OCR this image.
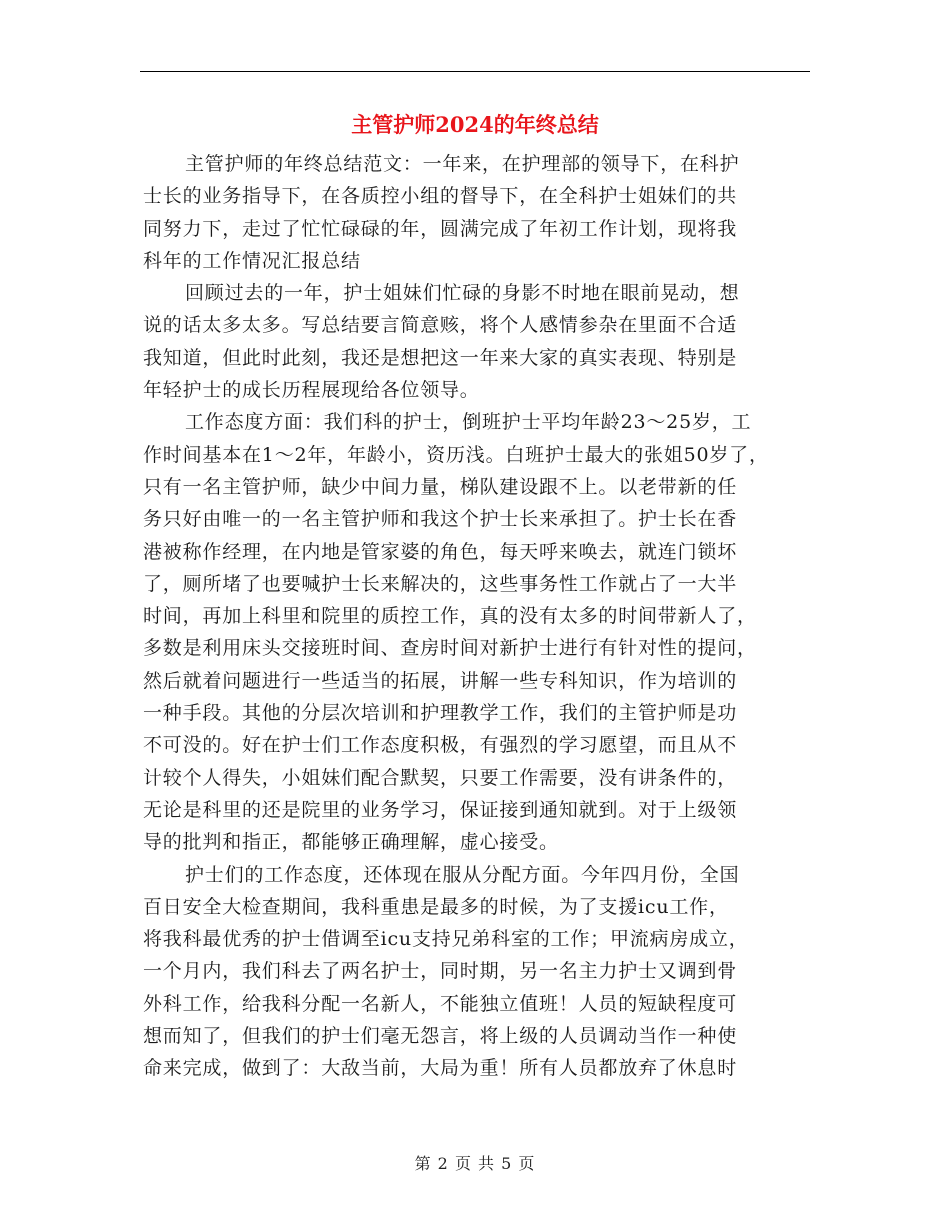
主管护师2024的年终总结
主管护师的年终总结范文：一年来，在护理部的领导下，在科护
士长的业务指导下，在各质控小组的督导下，在全科护士姐妹们的共
同努力下，走过了忙忙碌碌的年，圆满完成了年初工作计划，现将我
科年的工作情况汇报总结
回顾过去的一年，护士姐妹们忙碌的身影不时地在眼前晃动，想
说的话太多太多。写总结要言简意赅，将个人感情参杂在里面不合适
我知道，但此时此刻，我还是想把这一年来大家的真实表现、特别是
年轻护士的成长历程展现给各位领导。
工作态度方面：我们科的护士，倒班护士平均年龄23～25岁，工
作时间基本在1～2年，年龄小，资历浅。白班护士最大的张姐50岁了，
只有一名主管护师，缺少中间力量，梯队建设跟不上。以老带新的任
务只好由唯一的一名主管护师和我这个护士长来承担了。护士长在香
港被称作经理，在内地是管家婆的角色，每天呼来唤去，就连门锁坏
了，厕所堵了也要喊护士长来解决的，这些事务性工作就占了一大半
时间，再加上科里和院里的质控工作，真的没有太多的时间带新人了，
多数是利用床头交接班时间、查房时间对新护士进行有针对性的提问，
然后就着问题进行一些适当的拓展，讲解一些专科知识，作为培训的
一种手段。其他的分层次培训和护理教学工作，我们的主管护师是功
不可没的。好在护士们工作态度积极，有强烈的学习愿望，而且从不
计较个人得失，小姐妹们配合默契，只要工作需要，没有讲条件的，
无论是科里的还是院里的业务学习，保证接到通知就到。对于上级领
导的批判和指正，都能够正确理解，虚心接受。
护士们的工作态度，还体现在服从分配方面。今年四月份，全国
百日安全大检查期间，我科重患是最多的时候，为了支援icu工作，
将我科最优秀的护士借调至icu支持兄弟科室的工作；甲流病房成立，
一个月内，我们科去了两名护士，同时期，另一名主力护士又调到骨
外科工作，给我科分配一名新人，不能独立值班！人员的短缺程度可
想而知了，但我们的护士们毫无怨言，将上级的人员调动当作一种使
命来完成，做到了：大敌当前，大局为重！所有人员都放弃了休息时
第 2 页 共 5 页
